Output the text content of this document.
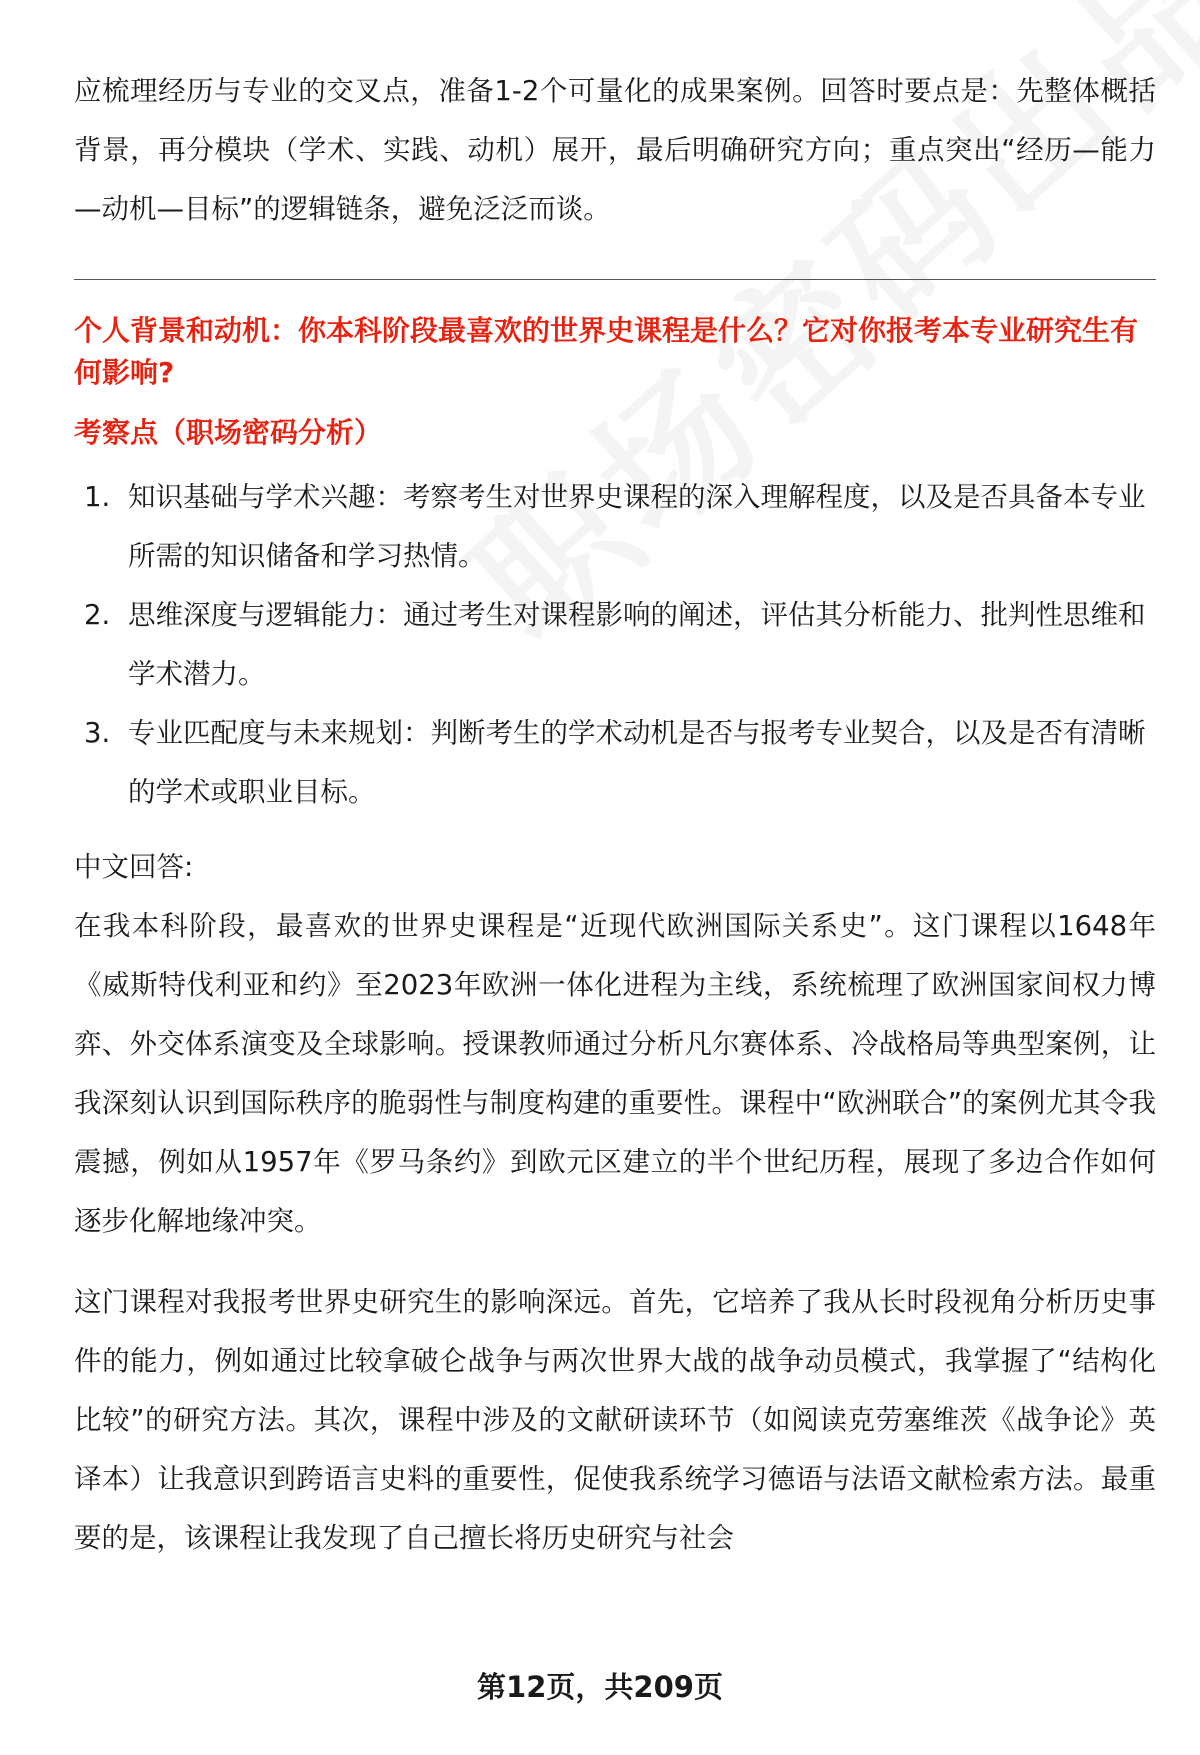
应梳理经历与专业的交叉点，准备1-2个可量化的成果案例。回答时要点是：先整体概括背景，再分模块（学术、实践、动机）展开，最后明确研究方向；重点突出“经历—能力—动机—目标”的逻辑链条，避免泛泛而谈。

个人背景和动机：你本科阶段最喜欢的世界史课程是什么？它对你报考本专业研究生有何影响?

考察点（职场密码分析）

1. 知识基础与学术兴趣：考察考生对世界史课程的深入理解程度，以及是否具备本专业所需的知识储备和学习热情。
2. 思维深度与逻辑能力：通过考生对课程影响的阐述，评估其分析能力、批判性思维和学术潜力。
3. 专业匹配度与未来规划：判断考生的学术动机是否与报考专业契合，以及是否有清晰的学术或职业目标。

中文回答:

在我本科阶段，最喜欢的世界史课程是“近现代欧洲国际关系史”。这门课程以1648年《威斯特伐利亚和约》至2023年欧洲一体化进程为主线，系统梳理了欧洲国家间权力博弈、外交体系演变及全球影响。授课教师通过分析凡尔赛体系、冷战格局等典型案例，让我深刻认识到国际秩序的脆弱性与制度构建的重要性。课程中“欧洲联合”的案例尤其令我震撼，例如从1957年《罗马条约》到欧元区建立的半个世纪历程，展现了多边合作如何逐步化解地缘冲突。

这门课程对我报考世界史研究生的影响深远。首先，它培养了我从长时段视角分析历史事件的能力，例如通过比较拿破仑战争与两次世界大战的战争动员模式，我掌握了“结构化比较”的研究方法。其次，课程中涉及的文献研读环节（如阅读克劳塞维茨《战争论》英译本）让我意识到跨语言史料的重要性，促使我系统学习德语与法语文献检索方法。最重要的是，该课程让我发现了自己擅长将历史研究与社会

第12页，共209页
